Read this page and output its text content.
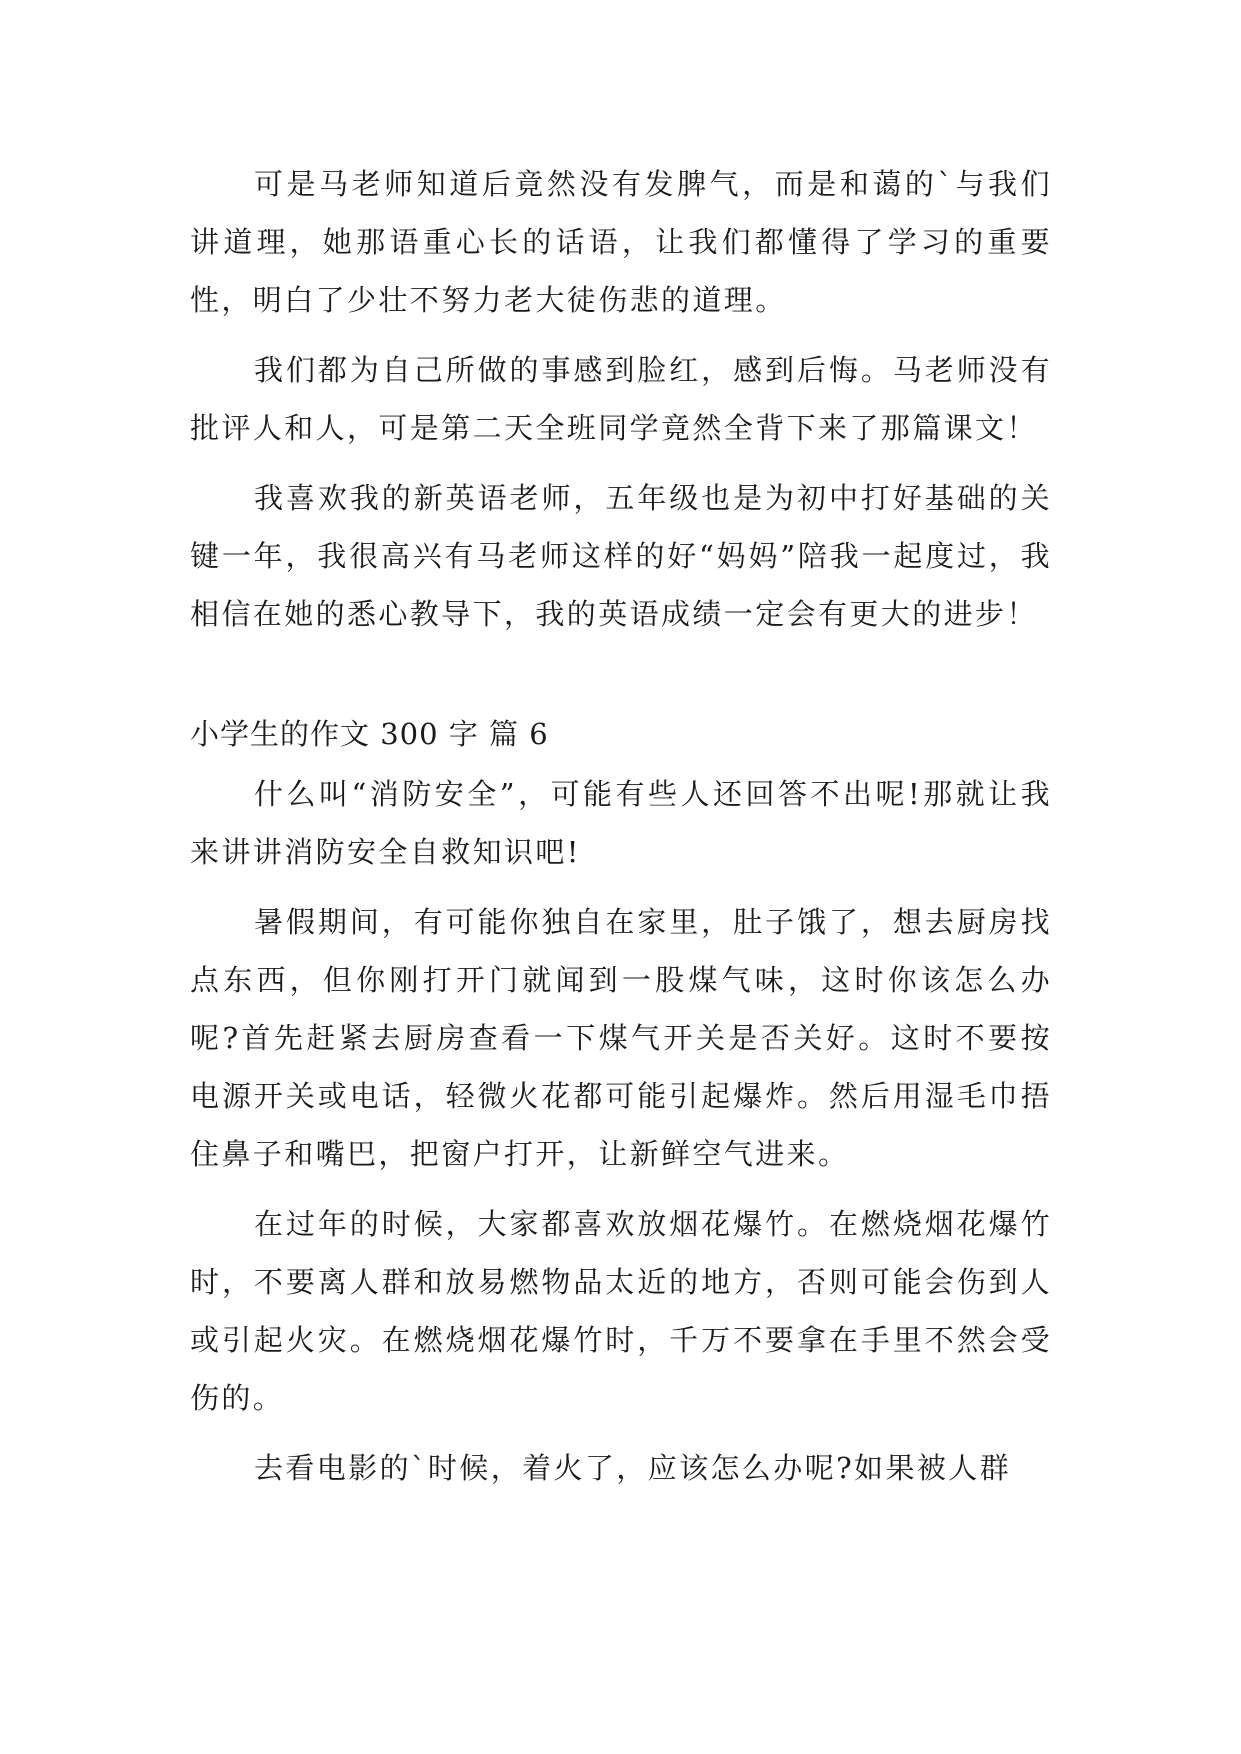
可是马老师知道后竟然没有发脾气，而是和蔼的`与我们讲道理，她那语重心长的话语，让我们都懂得了学习的重要性，明白了少壮不努力老大徒伤悲的道理。

我们都为自己所做的事感到脸红，感到后悔。马老师没有批评人和人，可是第二天全班同学竟然全背下来了那篇课文！

我喜欢我的新英语老师，五年级也是为初中打好基础的关键一年，我很高兴有马老师这样的好“妈妈”陪我一起度过，我相信在她的悉心教导下，我的英语成绩一定会有更大的进步！

小学生的作文 300 字 篇 6

什么叫“消防安全”，可能有些人还回答不出呢!那就让我来讲讲消防安全自救知识吧!

暑假期间，有可能你独自在家里，肚子饿了，想去厨房找点东西，但你刚打开门就闻到一股煤气味，这时你该怎么办呢?首先赶紧去厨房查看一下煤气开关是否关好。这时不要按电源开关或电话，轻微火花都可能引起爆炸。然后用湿毛巾捂住鼻子和嘴巴，把窗户打开，让新鲜空气进来。

在过年的时候，大家都喜欢放烟花爆竹。在燃烧烟花爆竹时，不要离人群和放易燃物品太近的地方，否则可能会伤到人或引起火灾。在燃烧烟花爆竹时，千万不要拿在手里不然会受伤的。

去看电影的`时候，着火了，应该怎么办呢?如果被人群
